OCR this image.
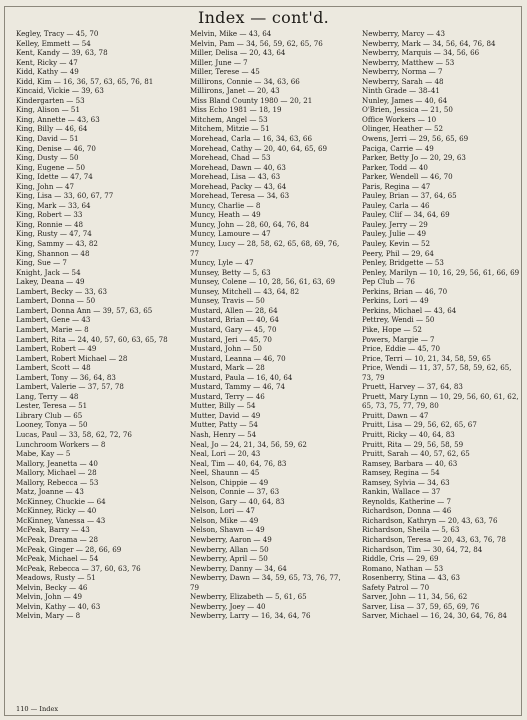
Index — cont'd.
Kegley, Tracy — 45, 70
Kelley, Emmett — 54
Kent, Kandy — 39, 63, 78
Kent, Ricky — 47
Kidd, Kathy — 49
Kidd, Kim — 16, 36, 57, 63, 65, 76, 81
Kincaid, Vickie — 39, 63
Kindergarten — 53
King, Alison — 51
King, Annette — 43, 63
King, Billy — 46, 64
King, David — 51
King, Denise — 46, 70
King, Dusty — 50
King, Eugene — 50
King, Idette — 47, 74
King, John — 47
King, Lisa — 33, 60, 67, 77
King, Mark — 33, 64
King, Robert — 33
King, Ronnie — 48
King, Rusty — 47, 74
King, Sammy — 43, 82
King, Shannon — 48
King, Sue — 7
Knight, Jack — 54
Lakey, Deana — 49
Lambert, Becky — 33, 63
Lambert, Donna — 50
Lambert, Donna Ann — 39, 57, 63, 65
Lambert, Gene — 43
Lambert, Marie — 8
Lambert, Rita — 24, 40, 57, 60, 63, 65, 78
Lambert, Robert — 49
Lambert, Robert Michael — 28
Lambert, Scott — 48
Lambert, Tony — 36, 64, 83
Lambert, Valerie — 37, 57, 78
Lang, Terry — 48
Lester, Teresa — 51
Library Club — 65
Looney, Tonya — 50
Lucas, Paul — 33, 58, 62, 72, 76
Lunchroom Workers — 8
Mabe, Kay — 5
Mallory, Jeanetta — 40
Mallory, Michael — 28
Mallory, Rebecca — 53
Matz, Joanne — 43
McKinney, Chuckie — 64
McKinney, Ricky — 40
McKinney, Vanessa — 43
McPeak, Barry — 43
McPeak, Dreama — 28
McPeak, Ginger — 28, 66, 69
McPeak, Michael — 54
McPeak, Rebecca — 37, 60, 63, 76
Meadows, Rusty — 51
Melvin, Becky — 46
Melvin, John — 49
Melvin, Kathy — 40, 63
Melvin, Mary — 8
Melvin, Mike — 43, 64
Melvin, Pam — 34, 56, 59, 62, 65, 76
Miller, Delisa — 20, 43, 64
Miller, June — 7
Miller, Terese — 45
Millirons, Connie — 34, 63, 66
Millirons, Janet — 20, 43
Miss Bland County 1980 — 20, 21
Miss Echo 1981 — 18, 19
Mitchem, Angel — 53
Mitchem, Mitzie — 51
Morehead, Carla — 16, 34, 63, 66
Morehead, Cathy — 20, 40, 64, 65, 69
Morehead, Chad — 53
Morehead, Dawn — 40, 63
Morehead, Lisa — 43, 63
Morehead, Packy — 43, 64
Morehead, Teresa — 34, 63
Muncy, Charlie — 8
Muncy, Heath — 49
Muncy, John — 28, 60, 64, 76, 84
Muncy, Lamoure — 47
Muncy, Lucy — 28, 58, 62, 65, 68, 69, 76, 77
Muncy, Lyle — 47
Munsey, Betty — 5, 63
Munsey, Colene — 10, 28, 56, 61, 63, 69
Munsey, Mitchell — 43, 64, 82
Munsey, Travis — 50
Mustard, Allen — 28, 64
Mustard, Brian — 40, 64
Mustard, Gary — 45, 70
Mustard, Jeri — 45, 70
Mustard, John — 50
Mustard, Leanna — 46, 70
Mustard, Mark — 28
Mustard, Paula — 16, 40, 64
Mustard, Tammy — 46, 74
Mustard, Terry — 46
Mutter, Billy — 54
Mutter, David — 49
Mutter, Patty — 54
Nash, Henry — 54
Neal, Jo — 24, 21, 34, 56, 59, 62
Neal, Lori — 20, 43
Neal, Tim — 40, 64, 76, 83
Neel, Shaunn — 45
Nelson, Chippie — 49
Nelson, Connie — 37, 63
Nelson, Gary — 40, 64, 83
Nelson, Lori — 47
Nelson, Mike — 49
Nelson, Shawn — 49
Newberry, Aaron — 49
Newberry, Allan — 50
Newberry, April — 50
Newberry, Danny — 34, 64
Newberry, Dawn — 34, 59, 65, 73, 76, 77, 79
Newberry, Elizabeth — 5, 61, 65
Newberry, Joey — 40
Newberry, Larry — 16, 34, 64, 76
Newberry, Marcy — 43
Newberry, Mark — 34, 56, 64, 76, 84
Newberry, Marquis — 34, 56, 66
Newberry, Matthew — 53
Newberry, Norma — 7
Newberry, Sarah — 48
Ninth Grade — 38–41
Nunley, James — 40, 64
O'Brien, Jessica — 21, 50
Office Workers — 10
Olinger, Heather — 52
Owens, Jerri — 29, 56, 65, 69
Paciga, Carrie — 49
Parker, Betty Jo — 20, 29, 63
Parker, Todd — 40
Parker, Wendell — 46, 70
Paris, Regina — 47
Pauley, Brian — 37, 64, 65
Pauley, Carla — 46
Pauley, Clif — 34, 64, 69
Pauley, Jerry — 29
Pauley, Julie — 49
Pauley, Kevin — 52
Peery, Phil — 29, 64
Penley, Bridgette — 53
Penley, Marilyn — 10, 16, 29, 56, 61, 66, 69
Pep Club — 76
Perkins, Brian — 46, 70
Perkins, Lori — 49
Perkins, Michael — 43, 64
Pettrey, Wendi — 50
Pike, Hope — 52
Powers, Margie — 7
Price, Eddie — 45, 70
Price, Terri — 10, 21, 34, 58, 59, 65
Price, Wendi — 11, 37, 57, 58, 59, 62, 65, 73, 79
Pruett, Harvey — 37, 64, 83
Pruett, Mary Lynn — 10, 29, 56, 60, 61, 62, 65, 73, 75, 77, 79, 80
Pruitt, Dawn — 47
Pruitt, Lisa — 29, 56, 62, 65, 67
Pruitt, Ricky — 40, 64, 83
Pruitt, Rita — 29, 56, 58, 59
Pruitt, Sarah — 40, 57, 62, 65
Ramsey, Barbara — 40, 63
Ramsey, Regina — 54
Ramsey, Sylvia — 34, 63
Rankin, Wallace — 37
Reynolds, Katherine — 7
Richardson, Donna — 46
Richardson, Kathryn — 20, 43, 63, 76
Richardson, Sheila — 5, 63
Richardson, Teresa — 20, 43, 63, 76, 78
Richardson, Tim — 30, 64, 72, 84
Riddle, Cris — 29, 69
Romano, Nathan — 53
Rosenberry, Stina — 43, 63
Safety Patrol — 70
Sarver, John — 11, 34, 56, 62
Sarver, Lisa — 37, 59, 65, 69, 76
Sarver, Michael — 16, 24, 30, 64, 76, 84
110 — Index
